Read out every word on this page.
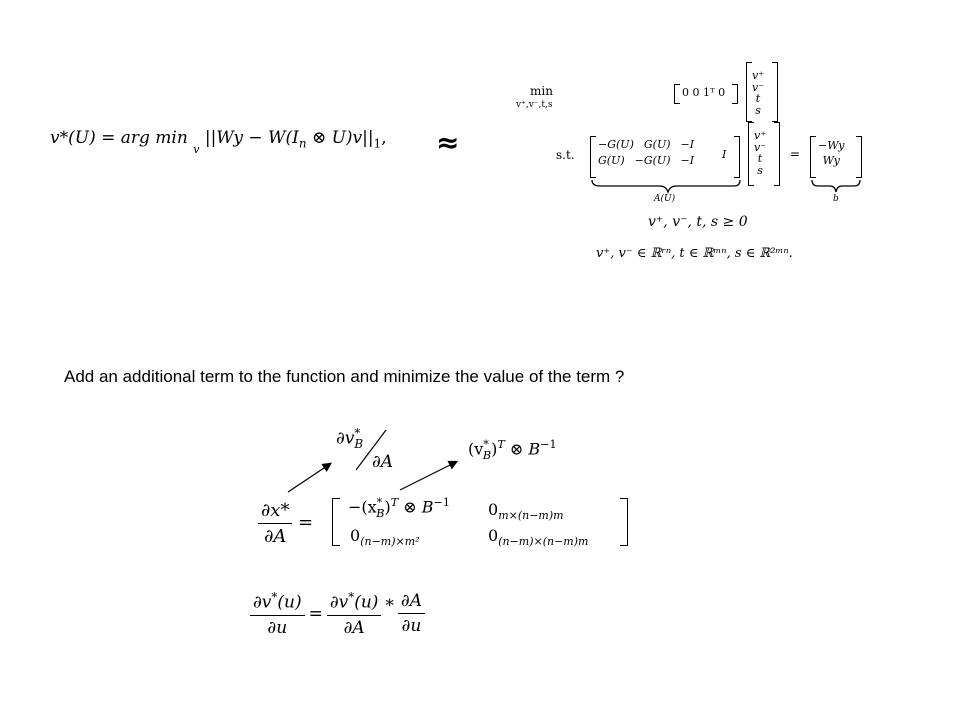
v*(U) = arg min
v
$||Wy - W(I_n$ ⊗ $U)v||_1$, ≈
min
v⁺,v⁻,t,s
0 0 1ᵀ 0
v⁺
v⁻
t
s
s.t.
−G(U) G(U) −I
G(U) −G(U) −I	I
v⁺
v⁻
t
s
=
−Wy
Wy
A(U)	b
v⁺, v⁻, t, s ≥ 0
v⁺, v⁻ ∈ ℝʳⁿ, t ∈ ℝᵐⁿ, s ∈ ℝ²ᵐⁿ.
Add an additional term to the function and minimize the value of the term ?
$\partial v^*_B$
∂A
$(v^*_B)^T$ ⊗ $B^{-1}$
$\frac{\partial x*}{\partial A}$ =
$-(x^*_B)^T$ ⊗ $B^{-1}$ $0_{m\times(n-m)m}$
$0_{(n-m)\times m^2}$	$0_{(n-m)\times(n-m)m}$
$\frac{\partial v^*(u)}{\partial u} = \frac{\partial v^*(u)}{\partial A} * \frac{\partial A}{\partial u}$
